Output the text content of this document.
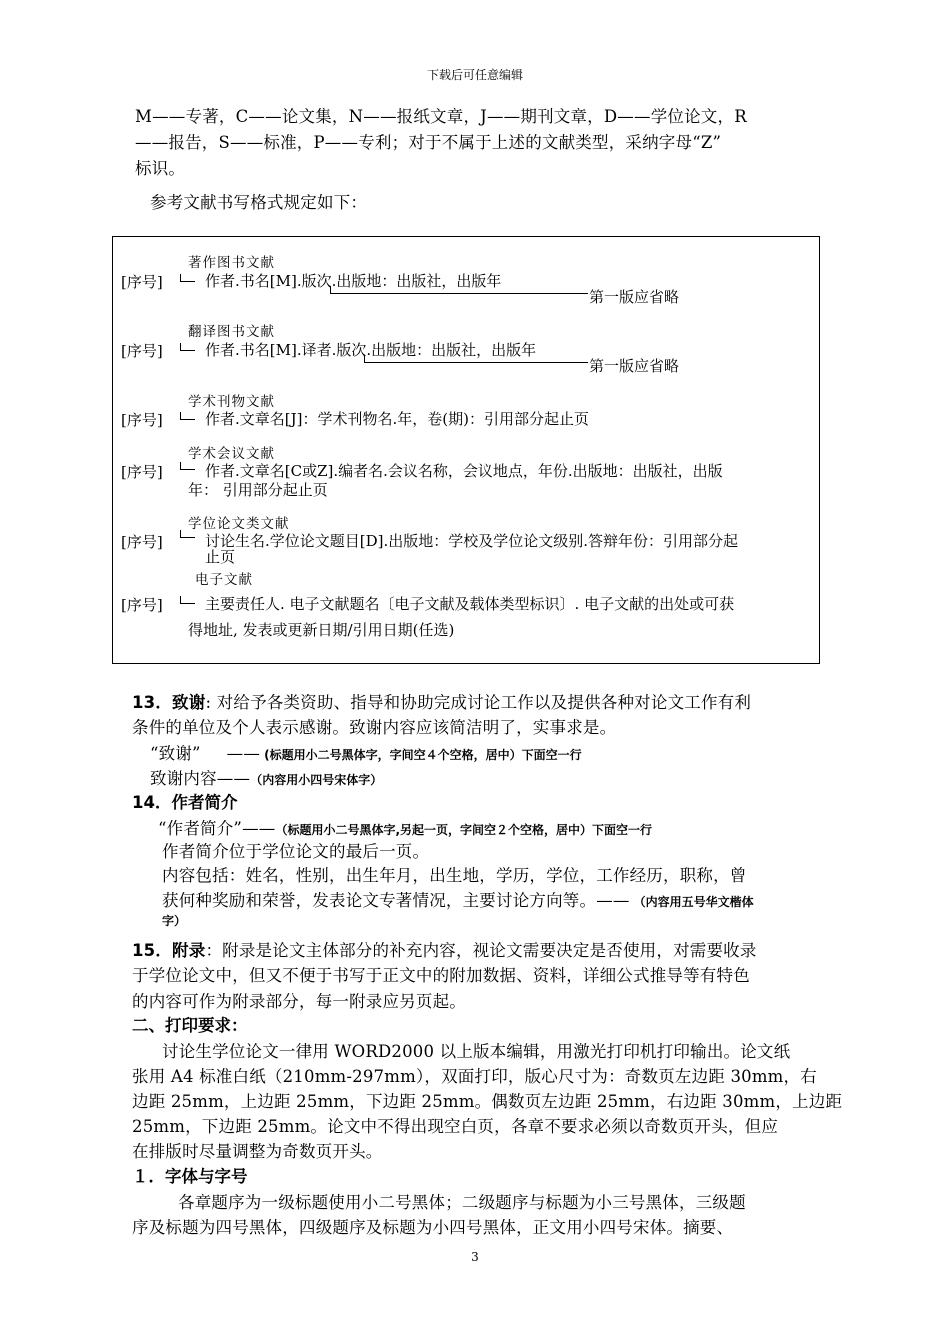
下载后可任意编辑
M——专著，C——论文集，N——报纸文章，J——期刊文章，D——学位论文，R
——报告，S——标准，P——专利；对于不属于上述的文献类型，采纳字母“Z”
标识。
参考文献书写格式规定如下：
著作图书文献
[序号]	作者.书名[M].版次.出版地：出版社，出版年
第一版应省略
翻译图书文献
[序号]	作者.书名[M].译者.版次.出版地：出版社，出版年
第一版应省略
学术刊物文献
[序号]	作者.文章名[J]：学术刊物名.年，卷(期)：引用部分起止页
学术会议文献
[序号]	作者.文章名[C或Z].编者名.会议名称，会议地点，年份.出版地：出版社，出版
年： 引用部分起止页
学位论文类文献
[序号]	讨论生名.学位论文题目[D].出版地：学校及学位论文级别.答辩年份：引用部分起
止页
电子文献
[序号]	主要责任人. 电子文献题名〔电子文献及载体类型标识〕. 电子文献的出处或可获
得地址, 发表或更新日期/引用日期(任选)
13．致谢: 对给予各类资助、指导和协助完成讨论工作以及提供各种对论文工作有利
条件的单位及个人表示感谢。致谢内容应该简洁明了，实事求是。
“致谢” —— (标题用小二号黑体字，字间空４个空格，居中）下面空一行
致谢内容——（内容用小四号宋体字）
14．作者简介
“作者简介”——（标题用小二号黑体字,另起一页，字间空２个空格，居中）下面空一行
作者简介位于学位论文的最后一页。
内容包括：姓名，性别，出生年月，出生地，学历，学位，工作经历，职称，曾
获何种奖励和荣誉，发表论文专著情况，主要讨论方向等。—— （内容用五号华文楷体
字）
15．附录：附录是论文主体部分的补充内容，视论文需要决定是否使用，对需要收录
于学位论文中，但又不便于书写于正文中的附加数据、资料，详细公式推导等有特色
的内容可作为附录部分，每一附录应另页起。
二、打印要求：
讨论生学位论文一律用 WORD2000 以上版本编辑，用激光打印机打印输出。论文纸
张用 A4 标准白纸（210mm-297mm），双面打印，版心尺寸为：奇数页左边距 30mm，右
边距 25mm，上边距 25mm，下边距 25mm。偶数页左边距 25mm，右边距 30mm，上边距
25mm，下边距 25mm。论文中不得出现空白页，各章不要求必须以奇数页开头，但应
在排版时尽量调整为奇数页开头。
１．字体与字号
各章题序为一级标题使用小二号黑体；二级题序与标题为小三号黑体，三级题
序及标题为四号黑体，四级题序及标题为小四号黑体，正文用小四号宋体。摘要、
3
